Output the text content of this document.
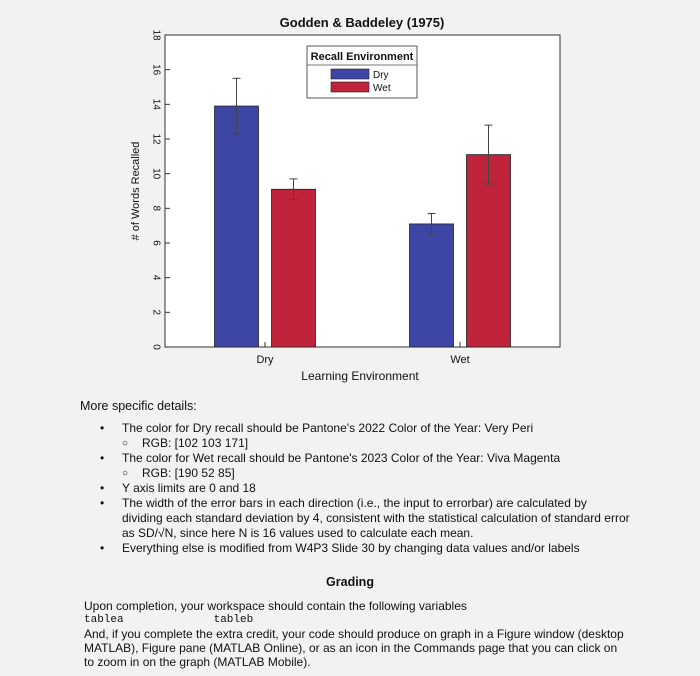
Godden & Baddeley (1975)
0
2
4
6
8
10
12
14
16
18
Dry	Wet
# of Words Recalled
Learning Environment
Recall Environment
Dry
Wet
More specific details:
• The color for Dry recall should be Pantone's 2022 Color of the Year: Very Peri
○ RGB: [102 103 171]
• The color for Wet recall should be Pantone's 2023 Color of the Year: Viva Magenta
○ RGB: [190 52 85]
• Y axis limits are 0 and 18
• The width of the error bars in each direction (i.e., the input to errorbar) are calculated by dividing each standard deviation by 4, consistent with the statistical calculation of standard error as SD/√N, since here N is 16 values used to calculate each mean.
• Everything else is modified from W4P3 Slide 30 by changing data values and/or labels
Grading
Upon completion, your workspace should contain the following variables
tablea	tableb
And, if you complete the extra credit, your code should produce on graph in a Figure window (desktop MATLAB), Figure pane (MATLAB Online), or as an icon in the Commands page that you can click on to zoom in on the graph (MATLAB Mobile).
